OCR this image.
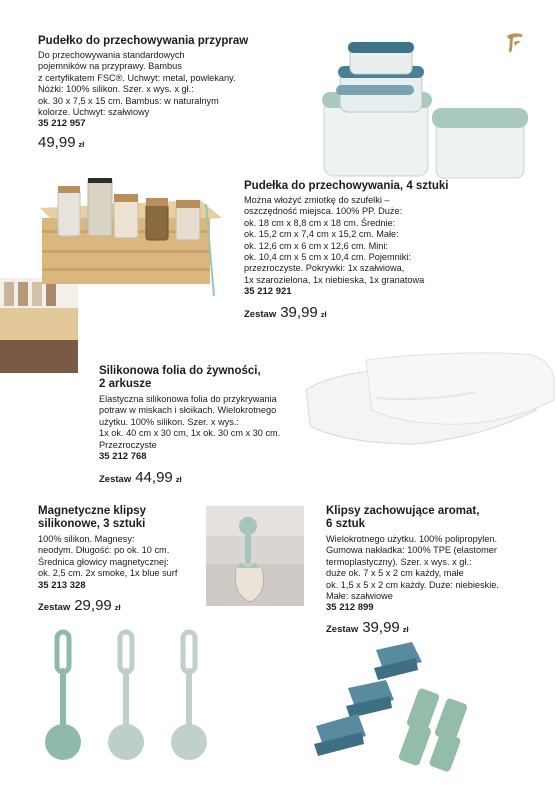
Pudełko do przechowywania przypraw

Do przechowywania standardowych
pojemników na przyprawy. Bambus
z certyfikatem FSC®. Uchwyt: metal, powlekany.
Nóżki: 100% silikon. Szer. x wys. x gł.:
ok. 30 x 7,5 x 15 cm. Bambus: w naturalnym
kolorze. Uchwyt: szałwiowy

35 212 957

49,99 zł

Pudełka do przechowywania, 4 sztuki

Można włożyć zmiotkę do szufelki –
oszczędność miejsca. 100% PP. Duże:
ok. 18 cm x 8,8 cm x 18 cm. Średnie:
ok. 15,2 cm x 7,4 cm x 15,2 cm. Małe:
ok. 12,6 cm x 6 cm x 12,6 cm. Mini:
ok. 10,4 cm x 5 cm x 10,4 cm. Pojemniki:
przezroczyste. Pokrywki: 1x szałwiowa,
1x szarozielona, 1x niebieska, 1x granatowa

35 212 921

Zestaw 39,99 zł

Silikonowa folia do żywności,
2 arkusze

Elastyczna silikonowa folia do przykrywania
potraw w miskach i słoikach. Wielokrotnego
użytku. 100% silikon. Szer. x wys.:
1x ok. 40 cm x 30 cm, 1x ok. 30 cm x 30 cm.
Przezroczyste

35 212 768

Zestaw 44,99 zł

Magnetyczne klipsy
silikonowe, 3 sztuki

100% silikon. Magnesy:
neodym. Długość: po ok. 10 cm.
Średnica głowicy magnetycznej:
ok. 2,5 cm. 2x smoke, 1x blue surf

35 213 328

Zestaw 29,99 zł

Klipsy zachowujące aromat,
6 sztuk

Wielokrotnego użytku. 100% polipropylen.
Gumowa nakładka: 100% TPE (elastomer
termoplastyczny). Szer. x wys. x gł.:
duże ok. 7 x 5 x 2 cm każdy, małe
ok. 1,5 x 5 x 2 cm każdy. Duże: niebieskie.
Małe: szałwiowe

35 212 899

Zestaw 39,99 zł
